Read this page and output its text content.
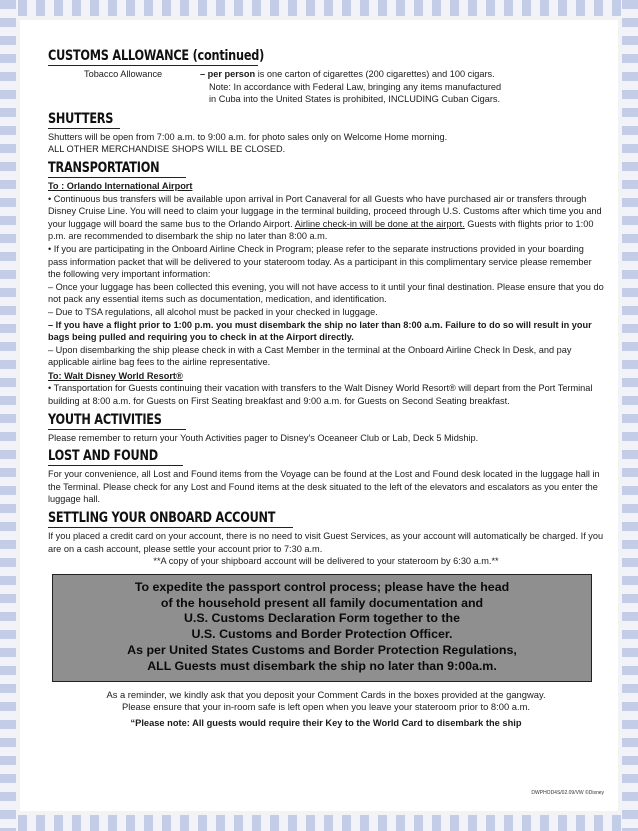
CUSTOMS ALLOWANCE (continued)
Tobacco Allowance	– per person is one carton of cigarettes (200 cigarettes) and 100 cigars.

Note: In accordance with Federal Law, bringing any items manufactured

in Cuba into the United States is prohibited, INCLUDING Cuban Cigars.

SHUTTERS

Shutters will be open from 7:00 a.m. to 9:00 a.m. for photo sales only on Welcome Home morning.

ALL OTHER MERCHANDISE SHOPS WILL BE CLOSED.

TRANSPORTATION

To : Orlando International Airport

• Continuous bus transfers will be available upon arrival in Port Canaveral for all Guests who have purchased air or transfers through Disney Cruise Line. You will need to claim your luggage in the terminal building, proceed through U.S. Customs after which time you and your luggage will board the same bus to the Orlando Airport. Airline check-in will be done at the airport. Guests with flights prior to 1:00 p.m. are recommended to disembark the ship no later than 8:00 a.m.

• If you are participating in the Onboard Airline Check in Program; please refer to the separate instructions provided in your boarding pass information packet that will be delivered to your stateroom today. As a participant in this complimentary service please remember the following very important information:

– Once your luggage has been collected this evening, you will not have access to it until your final destination. Please ensure that you do not pack any essential items such as documentation, medication, and identification.

– Due to TSA regulations, all alcohol must be packed in your checked in luggage.

– If you have a flight prior to 1:00 p.m. you must disembark the ship no later than 8:00 a.m. Failure to do so will result in your bags being pulled and requiring you to check in at the Airport directly.

– Upon disembarking the ship please check in with a Cast Member in the terminal at the Onboard Airline Check In Desk, and pay applicable airline bag fees to the airline representative.

To: Walt Disney World Resort®

• Transportation for Guests continuing their vacation with transfers to the Walt Disney World Resort® will depart from the Port Terminal building at 8:00 a.m. for Guests on First Seating breakfast and 9:00 a.m. for Guests on Second Seating breakfast.

YOUTH ACTIVITIES

Please remember to return your Youth Activities pager to Disney's Oceaneer Club or Lab, Deck 5 Midship.

LOST AND FOUND

For your convenience, all Lost and Found items from the Voyage can be found at the Lost and Found desk located in the luggage hall in the Terminal. Please check for any Lost and Found items at the desk situated to the left of the elevators and escalators as you enter the luggage hall.

SETTLING YOUR ONBOARD ACCOUNT

If you placed a credit card on your account, there is no need to visit Guest Services, as your account will automatically be charged. If you are on a cash account, please settle your account prior to 7:30 a.m.

**A copy of your shipboard account will be delivered to your stateroom by 6:30 a.m.**

To expedite the passport control process; please have the head
of the household present all family documentation and
U.S. Customs Declaration Form together to the
U.S. Customs and Border Protection Officer.
As per United States Customs and Border Protection Regulations,
ALL Guests must disembark the ship no later than 9:00a.m.

As a reminder, we kindly ask that you deposit your Comment Cards in the boxes provided at the gangway.

Please ensure that your in-room safe is left open when you leave your stateroom prior to 8:00 a.m.

“Please note: All guests would require their Key to the World Card to disembark the ship

DWPHOD4S/02.09/VW ©Disney
